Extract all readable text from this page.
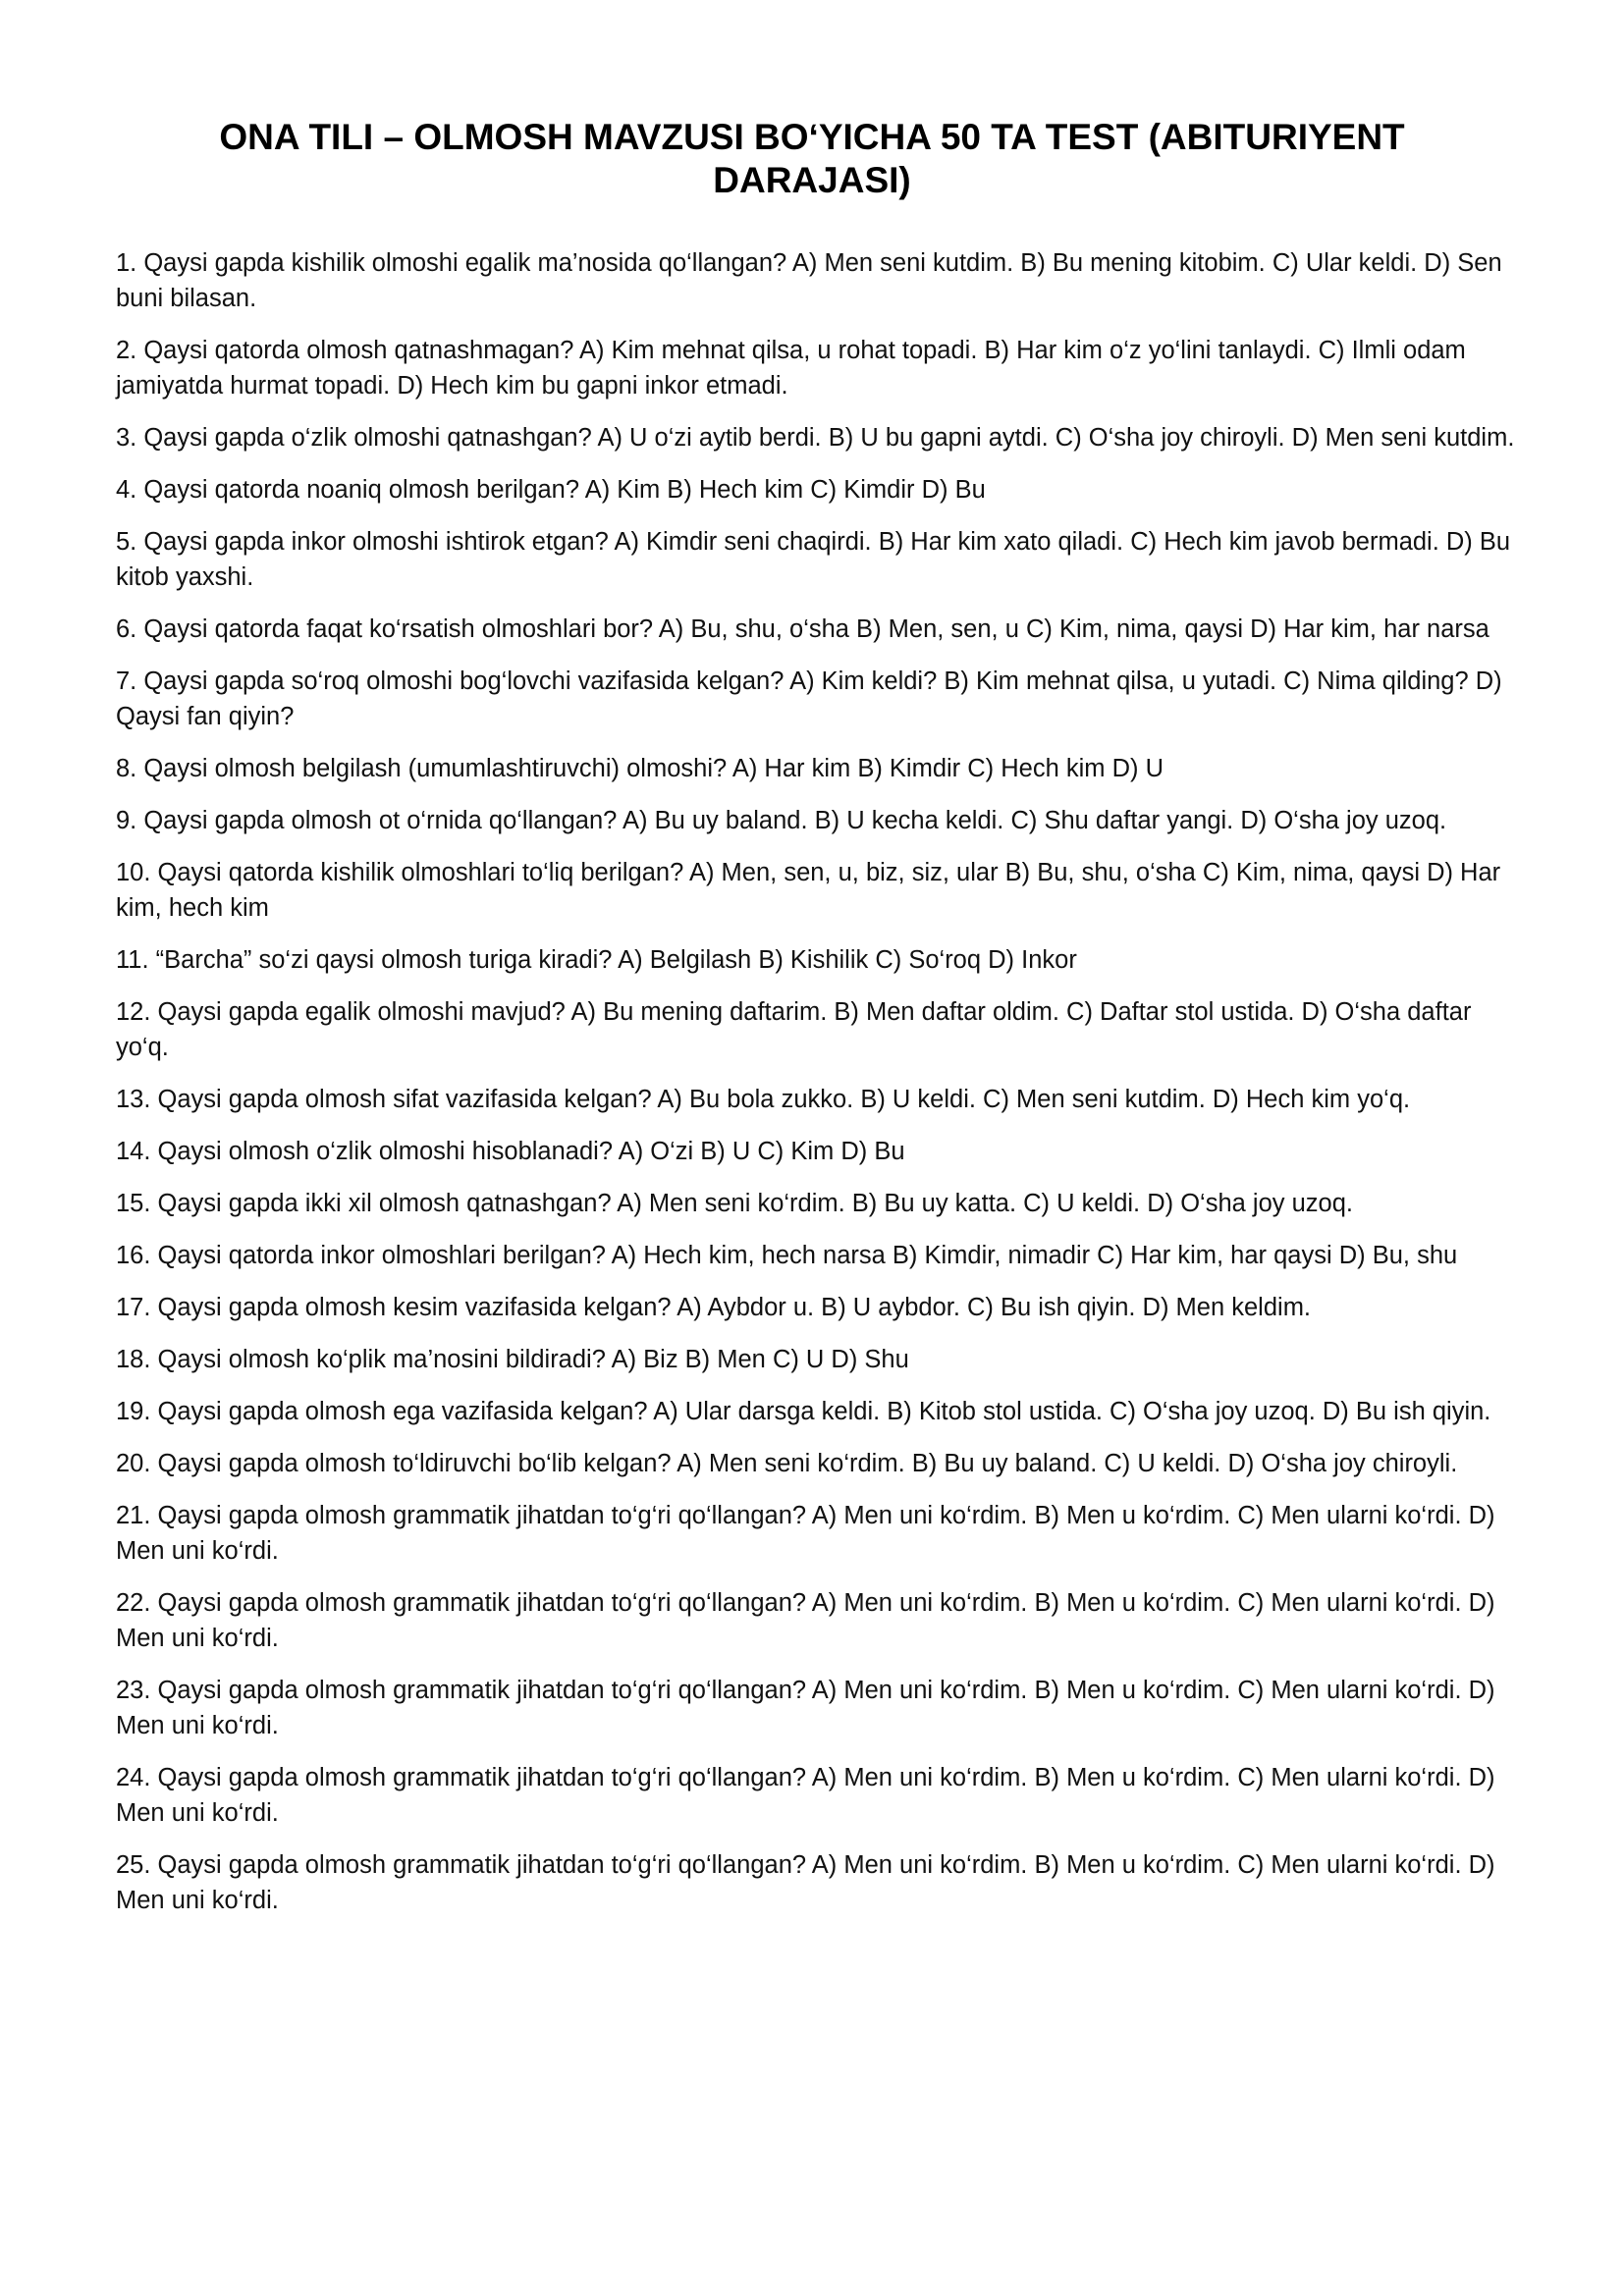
ONA TILI – OLMOSH MAVZUSI BO‘YICHA 50 TA TEST (ABITURIYENT DARAJASI)
1. Qaysi gapda kishilik olmoshi egalik ma’nosida qo‘llangan? A) Men seni kutdim. B) Bu mening kitobim. C) Ular keldi. D) Sen buni bilasan.
2. Qaysi qatorda olmosh qatnashmagan? A) Kim mehnat qilsa, u rohat topadi. B) Har kim o‘z yo‘lini tanlaydi. C) Ilmli odam jamiyatda hurmat topadi. D) Hech kim bu gapni inkor etmadi.
3. Qaysi gapda o‘zlik olmoshi qatnashgan? A) U o‘zi aytib berdi. B) U bu gapni aytdi. C) O‘sha joy chiroyli. D) Men seni kutdim.
4. Qaysi qatorda noaniq olmosh berilgan? A) Kim B) Hech kim C) Kimdir D) Bu
5. Qaysi gapda inkor olmoshi ishtirok etgan? A) Kimdir seni chaqirdi. B) Har kim xato qiladi. C) Hech kim javob bermadi. D) Bu kitob yaxshi.
6. Qaysi qatorda faqat ko‘rsatish olmoshlari bor? A) Bu, shu, o‘sha B) Men, sen, u C) Kim, nima, qaysi D) Har kim, har narsa
7. Qaysi gapda so‘roq olmoshi bog‘lovchi vazifasida kelgan? A) Kim keldi? B) Kim mehnat qilsa, u yutadi. C) Nima qilding? D) Qaysi fan qiyin?
8. Qaysi olmosh belgilash (umumlashtiruvchi) olmoshi? A) Har kim B) Kimdir C) Hech kim D) U
9. Qaysi gapda olmosh ot o‘rnida qo‘llangan? A) Bu uy baland. B) U kecha keldi. C) Shu daftar yangi. D) O‘sha joy uzoq.
10. Qaysi qatorda kishilik olmoshlari to‘liq berilgan? A) Men, sen, u, biz, siz, ular B) Bu, shu, o‘sha C) Kim, nima, qaysi D) Har kim, hech kim
11. “Barcha” so‘zi qaysi olmosh turiga kiradi? A) Belgilash B) Kishilik C) So‘roq D) Inkor
12. Qaysi gapda egalik olmoshi mavjud? A) Bu mening daftarim. B) Men daftar oldim. C) Daftar stol ustida. D) O‘sha daftar yo‘q.
13. Qaysi gapda olmosh sifat vazifasida kelgan? A) Bu bola zukko. B) U keldi. C) Men seni kutdim. D) Hech kim yo‘q.
14. Qaysi olmosh o‘zlik olmoshi hisoblanadi? A) O‘zi B) U C) Kim D) Bu
15. Qaysi gapda ikki xil olmosh qatnashgan? A) Men seni ko‘rdim. B) Bu uy katta. C) U keldi. D) O‘sha joy uzoq.
16. Qaysi qatorda inkor olmoshlari berilgan? A) Hech kim, hech narsa B) Kimdir, nimadir C) Har kim, har qaysi D) Bu, shu
17. Qaysi gapda olmosh kesim vazifasida kelgan? A) Aybdor u. B) U aybdor. C) Bu ish qiyin. D) Men keldim.
18. Qaysi olmosh ko‘plik ma’nosini bildiradi? A) Biz B) Men C) U D) Shu
19. Qaysi gapda olmosh ega vazifasida kelgan? A) Ular darsga keldi. B) Kitob stol ustida. C) O‘sha joy uzoq. D) Bu ish qiyin.
20. Qaysi gapda olmosh to‘ldiruvchi bo‘lib kelgan? A) Men seni ko‘rdim. B) Bu uy baland. C) U keldi. D) O‘sha joy chiroyli.
21. Qaysi gapda olmosh grammatik jihatdan to‘g‘ri qo‘llangan? A) Men uni ko‘rdim. B) Men u ko‘rdim. C) Men ularni ko‘rdi. D) Men uni ko‘rdi.
22. Qaysi gapda olmosh grammatik jihatdan to‘g‘ri qo‘llangan? A) Men uni ko‘rdim. B) Men u ko‘rdim. C) Men ularni ko‘rdi. D) Men uni ko‘rdi.
23. Qaysi gapda olmosh grammatik jihatdan to‘g‘ri qo‘llangan? A) Men uni ko‘rdim. B) Men u ko‘rdim. C) Men ularni ko‘rdi. D) Men uni ko‘rdi.
24. Qaysi gapda olmosh grammatik jihatdan to‘g‘ri qo‘llangan? A) Men uni ko‘rdim. B) Men u ko‘rdim. C) Men ularni ko‘rdi. D) Men uni ko‘rdi.
25. Qaysi gapda olmosh grammatik jihatdan to‘g‘ri qo‘llangan? A) Men uni ko‘rdim. B) Men u ko‘rdim. C) Men ularni ko‘rdi. D) Men uni ko‘rdi.
